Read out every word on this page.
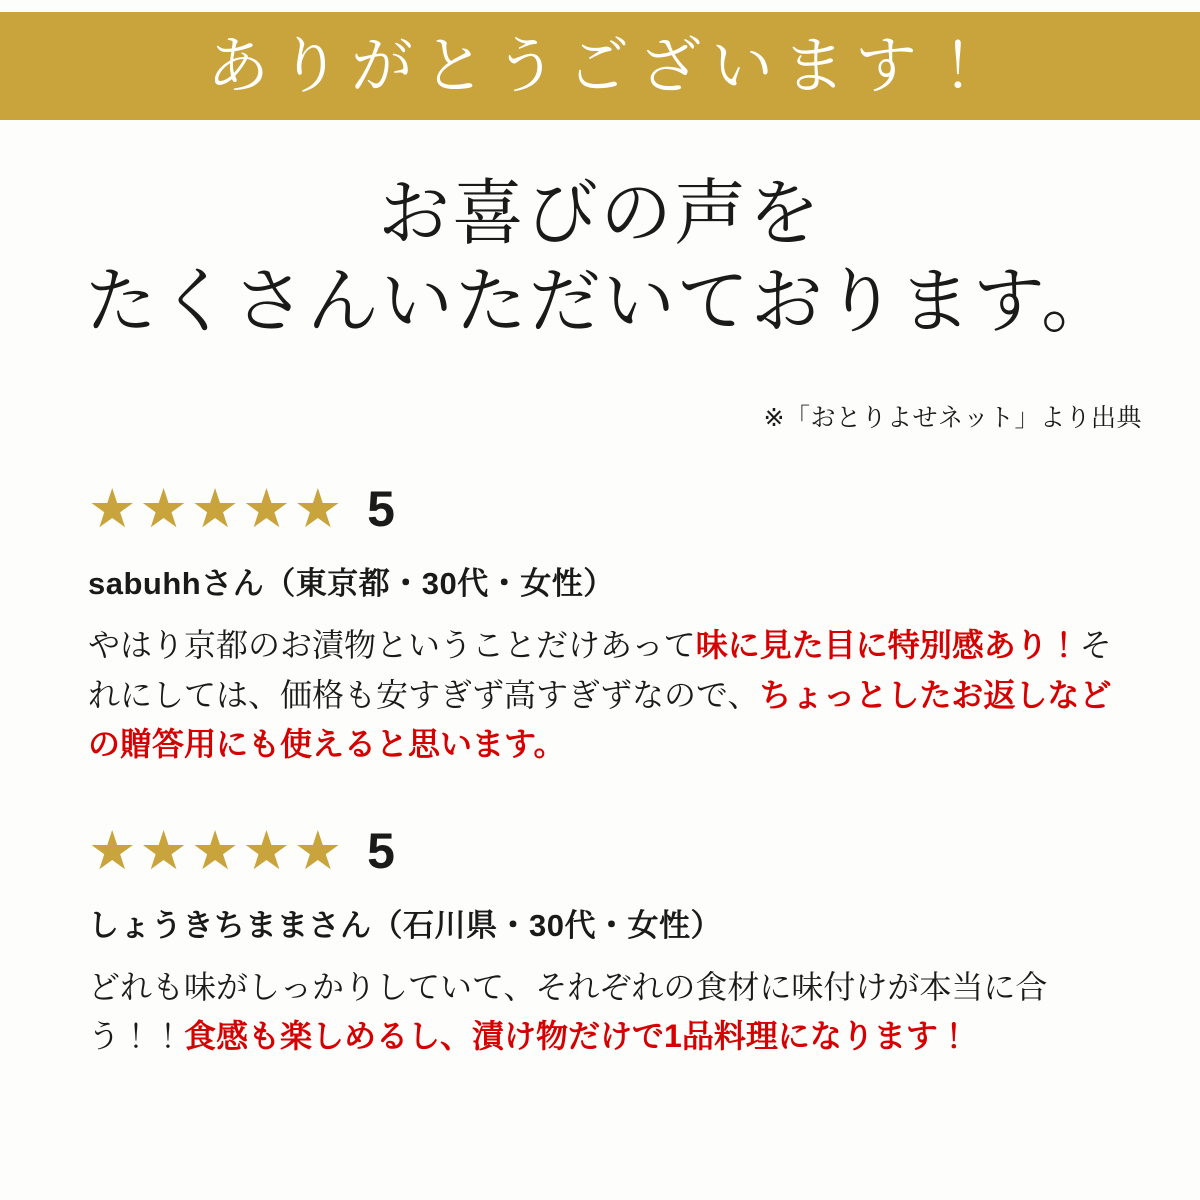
ありがとうございます！
お喜びの声を
たくさんいただいております。
※「おとりよせネット」より出典
★★★★★ 5
sabuhhさん（東京都・30代・女性）
やはり京都のお漬物ということだけあって味に見た目に特別感あり！それにしては、価格も安すぎず高すぎずなので、ちょっとしたお返しなどの贈答用にも使えると思います。
★★★★★ 5
しょうきちままさん（石川県・30代・女性）
どれも味がしっかりしていて、それぞれの食材に味付けが本当に合う！！食感も楽しめるし、漬け物だけで1品料理になります！
